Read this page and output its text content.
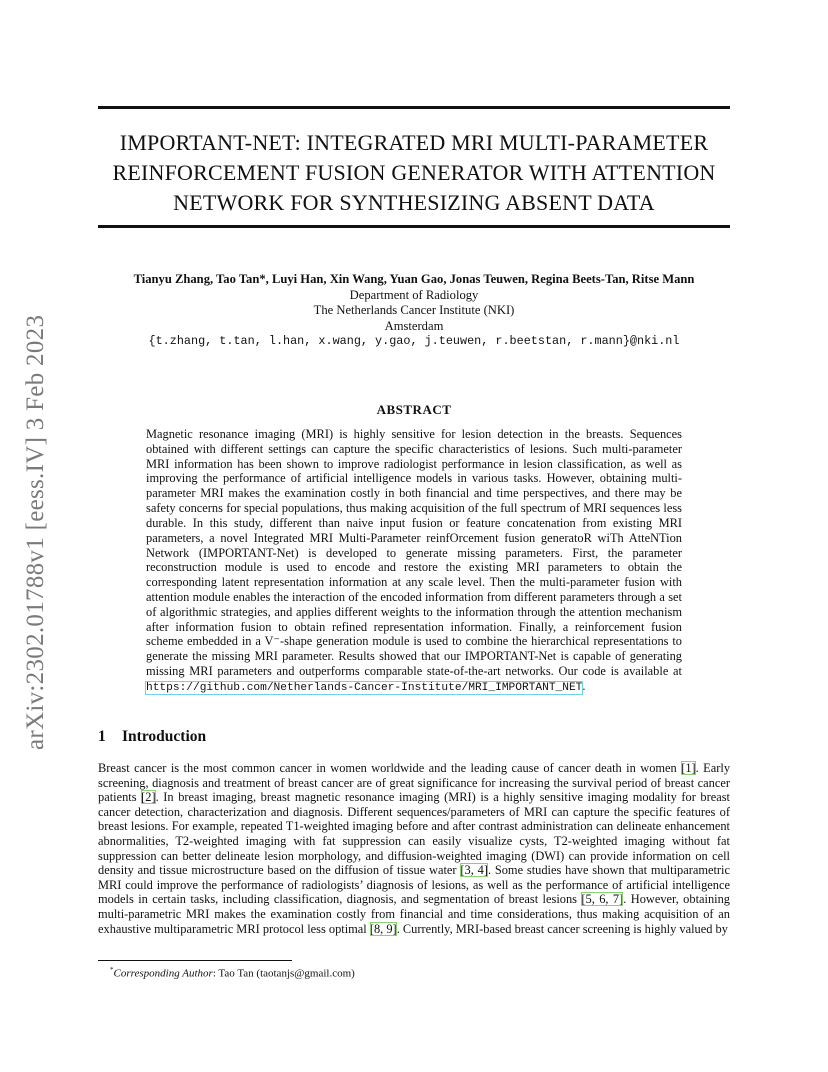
arXiv:2302.01788v1 [eess.IV] 3 Feb 2023
IMPORTANT-NET: INTEGRATED MRI MULTI-PARAMETER
REINFORCEMENT FUSION GENERATOR WITH ATTENTION
NETWORK FOR SYNTHESIZING ABSENT DATA
Tianyu Zhang, Tao Tan*, Luyi Han, Xin Wang, Yuan Gao, Jonas Teuwen, Regina Beets-Tan, Ritse Mann
Department of Radiology
The Netherlands Cancer Institute (NKI)
Amsterdam
{t.zhang, t.tan, l.han, x.wang, y.gao, j.teuwen, r.beetstan, r.mann}@nki.nl
ABSTRACT

Magnetic resonance imaging (MRI) is highly sensitive for lesion detection in the breasts. Sequences obtained with different settings can capture the specific characteristics of lesions. Such multi-parameter MRI information has been shown to improve radiologist performance in lesion classification, as well as improving the performance of artificial intelligence models in various tasks. However, obtaining multi-parameter MRI makes the examination costly in both financial and time perspectives, and there may be safety concerns for special populations, thus making acquisition of the full spectrum of MRI sequences less durable. In this study, different than naive input fusion or feature concatenation from existing MRI parameters, a novel Integrated MRI Multi-Parameter reinfOrcement fusion generatoR wiTh AtteNTion Network (IMPORTANT-Net) is developed to generate missing parameters. First, the parameter reconstruction module is used to encode and restore the existing MRI parameters to obtain the corresponding latent representation information at any scale level. Then the multi-parameter fusion with attention module enables the interaction of the encoded information from different parameters through a set of algorithmic strategies, and applies different weights to the information through the attention mechanism after information fusion to obtain refined representation information. Finally, a reinforcement fusion scheme embedded in a V⁻-shape generation module is used to combine the hierarchical representations to generate the missing MRI parameter. Results showed that our IMPORTANT-Net is capable of generating missing MRI parameters and outperforms comparable state-of-the-art networks. Our code is available at https://github.com/Netherlands-Cancer-Institute/MRI_IMPORTANT_NET.

1 Introduction

Breast cancer is the most common cancer in women worldwide and the leading cause of cancer death in women [1]. Early screening, diagnosis and treatment of breast cancer are of great significance for increasing the survival period of breast cancer patients [2]. In breast imaging, breast magnetic resonance imaging (MRI) is a highly sensitive imaging modality for breast cancer detection, characterization and diagnosis. Different sequences/parameters of MRI can capture the specific features of breast lesions. For example, repeated T1-weighted imaging before and after contrast administration can delineate enhancement abnormalities, T2-weighted imaging with fat suppression can easily visualize cysts, T2-weighted imaging without fat suppression can better delineate lesion morphology, and diffusion-weighted imaging (DWI) can provide information on cell density and tissue microstructure based on the diffusion of tissue water [3, 4]. Some studies have shown that multiparametric MRI could improve the performance of radiologists’ diagnosis of lesions, as well as the performance of artificial intelligence models in certain tasks, including classification, diagnosis, and segmentation of breast lesions [5, 6, 7]. However, obtaining multi-parametric MRI makes the examination costly from financial and time considerations, thus making acquisition of an exhaustive multiparametric MRI protocol less optimal [8, 9]. Currently, MRI-based breast cancer screening is highly valued by

*Corresponding Author: Tao Tan (taotanjs@gmail.com)
